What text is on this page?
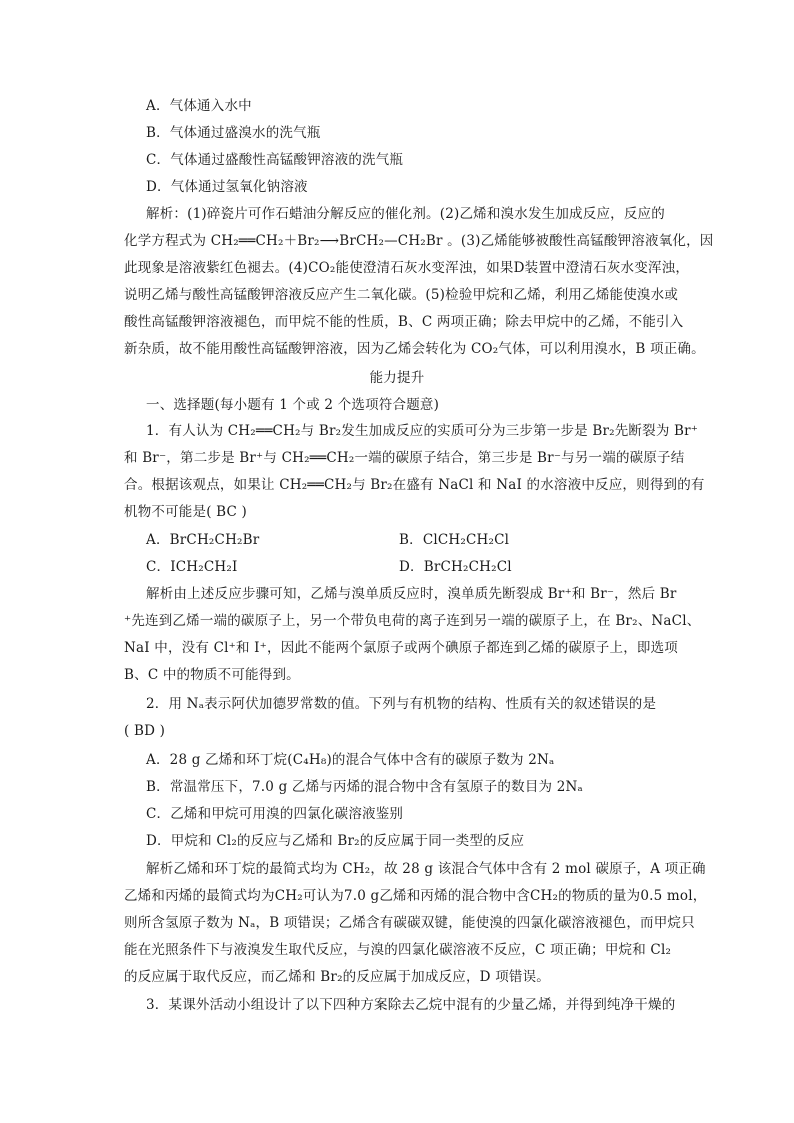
A．气体通入水中
B．气体通过盛溴水的洗气瓶
C．气体通过盛酸性高锰酸钾溶液的洗气瓶
D．气体通过氢氧化钠溶液
解析：(1)碎瓷片可作石蜡油分解反应的催化剂。(2)乙烯和溴水发生加成反应，反应的
化学方程式为 CH₂══CH₂＋Br₂⟶BrCH₂—CH₂Br 。(3)乙烯能够被酸性高锰酸钾溶液氧化，因
此现象是溶液紫红色褪去。(4)CO₂能使澄清石灰水变浑浊，如果D装置中澄清石灰水变浑浊，
说明乙烯与酸性高锰酸钾溶液反应产生二氧化碳。(5)检验甲烷和乙烯，利用乙烯能使溴水或
酸性高锰酸钾溶液褪色，而甲烷不能的性质，B、C 两项正确；除去甲烷中的乙烯，不能引入
新杂质，故不能用酸性高锰酸钾溶液，因为乙烯会转化为 CO₂气体，可以利用溴水，B 项正确。
能力提升
一、选择题(每小题有 1 个或 2 个选项符合题意)
1．有人认为 CH₂══CH₂与 Br₂发生加成反应的实质可分为三步第一步是 Br₂先断裂为 Br⁺
和 Br⁻，第二步是 Br⁺与 CH₂══CH₂一端的碳原子结合，第三步是 Br⁻与另一端的碳原子结
合。根据该观点，如果让 CH₂══CH₂与 Br₂在盛有 NaCl 和 NaI 的水溶液中反应，则得到的有
机物不可能是( BC )
A．BrCH₂CH₂Br	B．ClCH₂CH₂Cl
C．ICH₂CH₂I	D．BrCH₂CH₂Cl
解析由上述反应步骤可知，乙烯与溴单质反应时，溴单质先断裂成 Br⁺和 Br⁻，然后 Br
⁺先连到乙烯一端的碳原子上，另一个带负电荷的离子连到另一端的碳原子上，在 Br₂、NaCl、
NaI 中，没有 Cl⁺和 I⁺，因此不能两个氯原子或两个碘原子都连到乙烯的碳原子上，即选项
B、C 中的物质不可能得到。
2．用 Nₐ表示阿伏加德罗常数的值。下列与有机物的结构、性质有关的叙述错误的是
( BD )
A．28 g 乙烯和环丁烷(C₄H₈)的混合气体中含有的碳原子数为 2Nₐ
B．常温常压下，7.0 g 乙烯与丙烯的混合物中含有氢原子的数目为 2Nₐ
C．乙烯和甲烷可用溴的四氯化碳溶液鉴别
D．甲烷和 Cl₂的反应与乙烯和 Br₂的反应属于同一类型的反应
解析乙烯和环丁烷的最简式均为 CH₂，故 28 g 该混合气体中含有 2 mol 碳原子，A 项正确
乙烯和丙烯的最简式均为CH₂可认为7.0 g乙烯和丙烯的混合物中含CH₂的物质的量为0.5 mol，
则所含氢原子数为 Nₐ，B 项错误；乙烯含有碳碳双键，能使溴的四氯化碳溶液褪色，而甲烷只
能在光照条件下与液溴发生取代反应，与溴的四氯化碳溶液不反应，C 项正确；甲烷和 Cl₂
的反应属于取代反应，而乙烯和 Br₂的反应属于加成反应，D 项错误。
3．某课外活动小组设计了以下四种方案除去乙烷中混有的少量乙烯，并得到纯净干燥的
